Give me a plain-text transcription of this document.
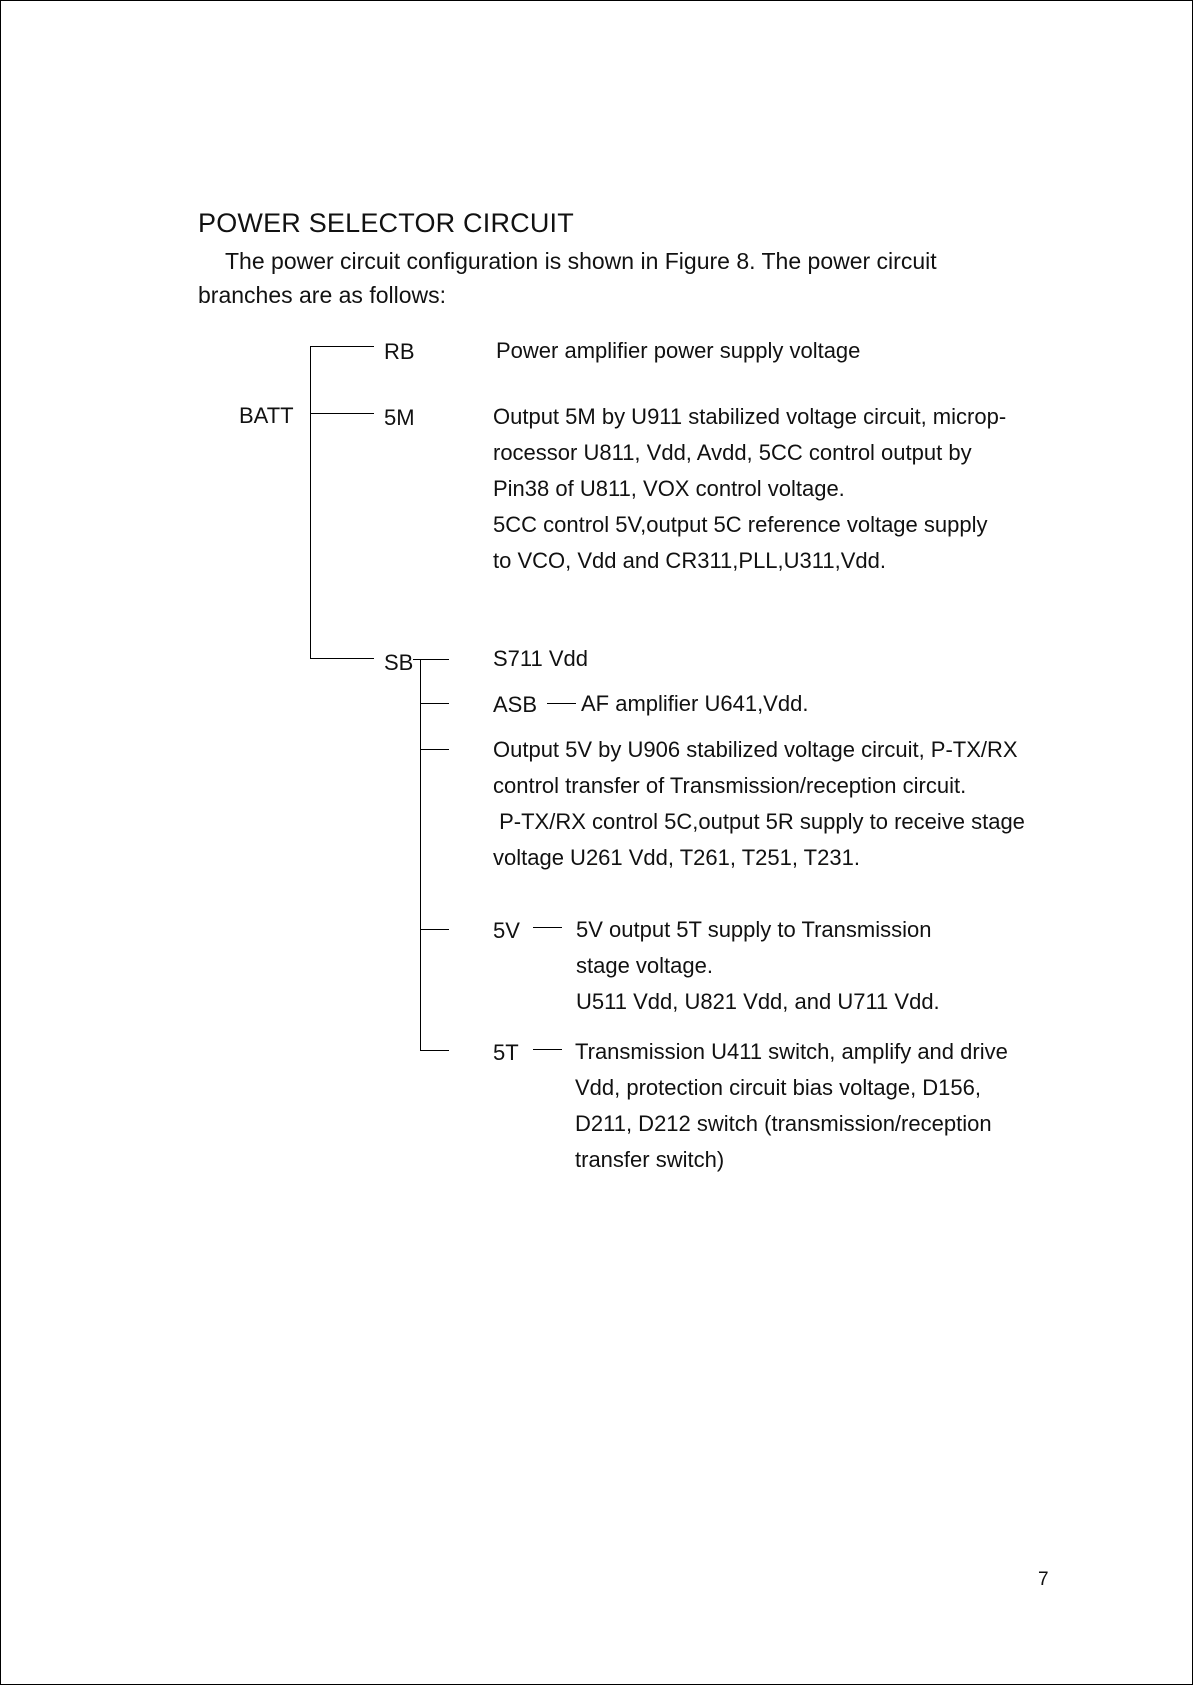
POWER SELECTOR CIRCUIT
The power circuit configuration is shown in Figure 8. The power circuit
branches are as follows:
BATT
RB
5M
SB
ASB
5V
5T
Power amplifier power supply voltage
Output 5M by U911 stabilized voltage circuit, microp-
rocessor U811, Vdd, Avdd, 5CC control output by
Pin38 of U811, VOX control voltage.
5CC control 5V,output 5C reference voltage supply
to VCO, Vdd and CR311,PLL,U311,Vdd.
S711 Vdd
AF amplifier U641,Vdd.
Output 5V by U906 stabilized voltage circuit, P-TX/RX
control transfer of Transmission/reception circuit.
P-TX/RX control 5C,output 5R supply to receive stage
voltage U261 Vdd, T261, T251, T231.
5V output 5T supply to Transmission
stage voltage.
U511 Vdd, U821 Vdd, and U711 Vdd.
Transmission U411 switch, amplify and drive
Vdd, protection circuit bias voltage, D156,
D211, D212 switch (transmission/reception
transfer switch)
7
